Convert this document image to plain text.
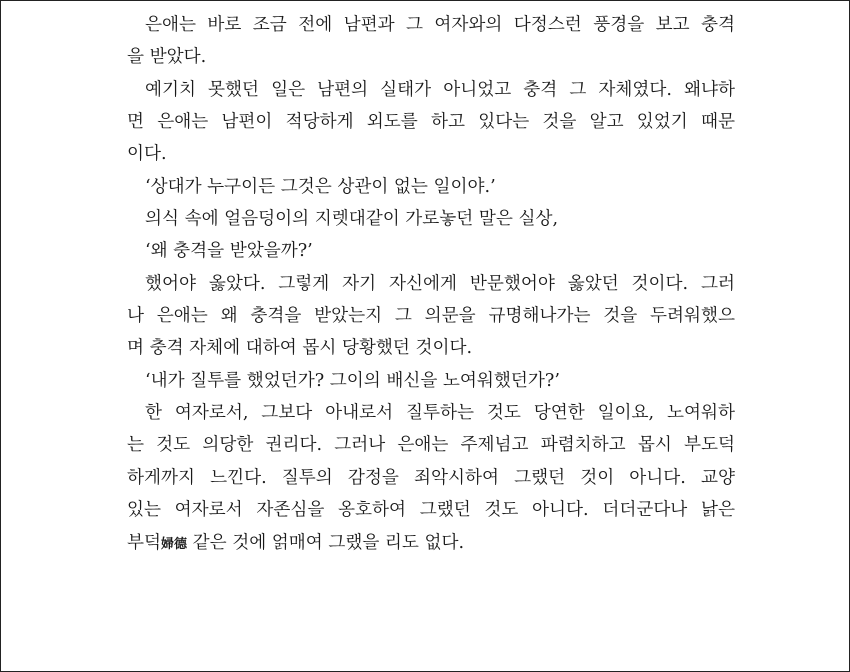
은애는 바로 조금 전에 남편과 그 여자와의 다정스런 풍경을 보고 충격
을 받았다.
예기치 못했던 일은 남편의 실태가 아니었고 충격 그 자체였다. 왜냐하
면 은애는 남편이 적당하게 외도를 하고 있다는 것을 알고 있었기 때문
이다.
‘상대가 누구이든 그것은 상관이 없는 일이야.’
의식 속에 얼음덩이의 지렛대같이 가로놓던 말은 실상,
‘왜 충격을 받았을까?’
했어야 옳았다. 그렇게 자기 자신에게 반문했어야 옳았던 것이다. 그러
나 은애는 왜 충격을 받았는지 그 의문을 규명해나가는 것을 두려워했으
며 충격 자체에 대하여 몹시 당황했던 것이다.
‘내가 질투를 했었던가? 그이의 배신을 노여워했던가?’
한 여자로서, 그보다 아내로서 질투하는 것도 당연한 일이요, 노여워하
는 것도 의당한 권리다. 그러나 은애는 주제넘고 파렴치하고 몹시 부도덕
하게까지 느낀다. 질투의 감정을 죄악시하여 그랬던 것이 아니다. 교양
있는 여자로서 자존심을 옹호하여 그랬던 것도 아니다. 더더군다나 낡은
부덕婦德 같은 것에 얽매여 그랬을 리도 없다.
